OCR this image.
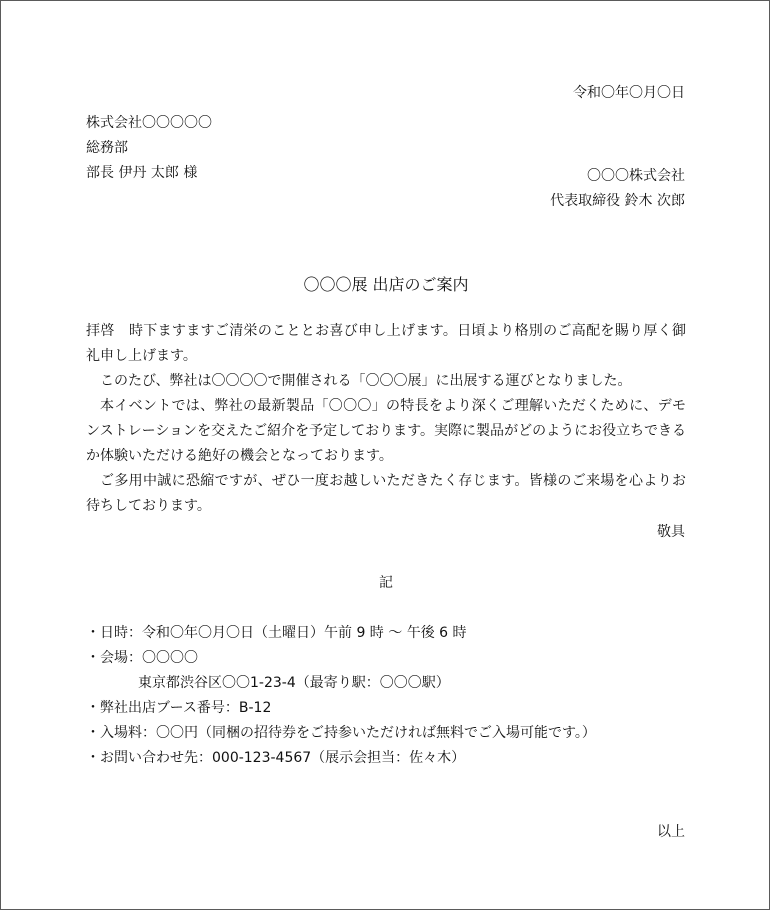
令和〇年〇月〇日
株式会社〇〇〇〇〇
総務部
部長 伊丹 太郎 様	〇〇〇株式会社
代表取締役 鈴木 次郎
〇〇〇展 出店のご案内

拝啓　時下ますますご清栄のこととお喜び申し上げます。日頃より格別のご高配を賜り厚く御礼申し上げます。

このたび、弊社は〇〇〇〇で開催される「〇〇〇展」に出展する運びとなりました。

本イベントでは、弊社の最新製品「〇〇〇」の特長をより深くご理解いただくために、デモンストレーションを交えたご紹介を予定しております。実際に製品がどのようにお役立ちできるか体験いただける絶好の機会となっております。

ご多用中誠に恐縮ですが、ぜひ一度お越しいただきたく存じます。皆様のご来場を心よりお待ちしております。

敬具
記
・日時：令和〇年〇月〇日（土曜日）午前 9 時 〜 午後 6 時
・会場：〇〇〇〇
東京都渋谷区〇〇1-23-4（最寄り駅：〇〇〇駅）
・弊社出店ブース番号：B-12
・入場料：〇〇円（同梱の招待券をご持参いただければ無料でご入場可能です。）
・お問い合わせ先：000-123-4567（展示会担当：佐々木）
以上
